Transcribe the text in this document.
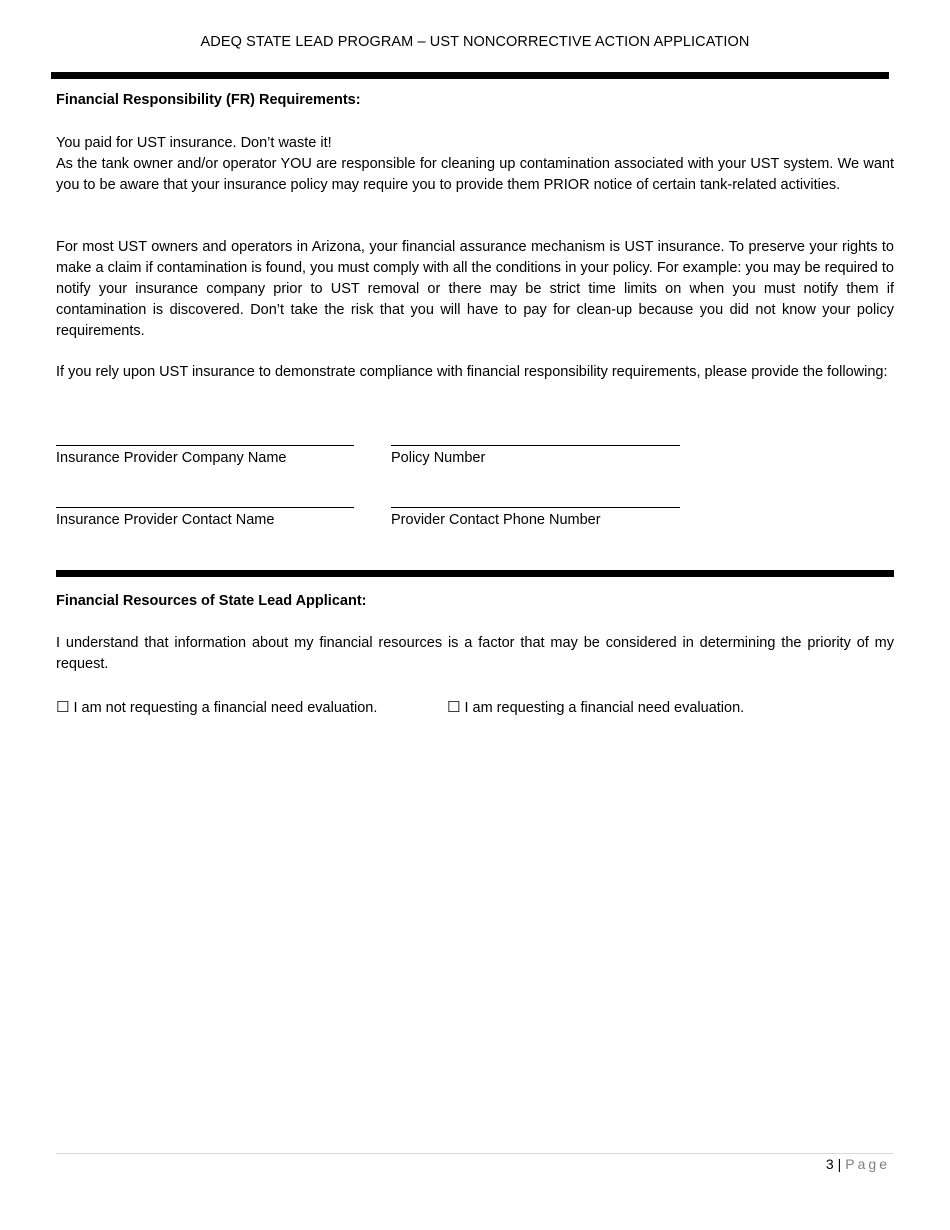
ADEQ STATE LEAD PROGRAM – UST NONCORRECTIVE ACTION APPLICATION
Financial Responsibility (FR) Requirements:
You paid for UST insurance. Don’t waste it!

As the tank owner and/or operator YOU are responsible for cleaning up contamination associated with your UST system. We want you to be aware that your insurance policy may require you to provide them PRIOR notice of certain tank-related activities.

For most UST owners and operators in Arizona, your financial assurance mechanism is UST insurance. To preserve your rights to make a claim if contamination is found, you must comply with all the conditions in your policy. For example: you may be required to notify your insurance company prior to UST removal or there may be strict time limits on when you must notify them if contamination is discovered. Don’t take the risk that you will have to pay for clean-up because you did not know your policy requirements.

If you rely upon UST insurance to demonstrate compliance with financial responsibility requirements, please provide the following:

Insurance Provider Company Name	Policy Number
Insurance Provider Contact Name	Provider Contact Phone Number
Financial Resources of State Lead Applicant:

I understand that information about my financial resources is a factor that may be considered in determining the priority of my request.

☐ I am not requesting a financial need evaluation.	☐ I am requesting a financial need evaluation.
3 | Page
